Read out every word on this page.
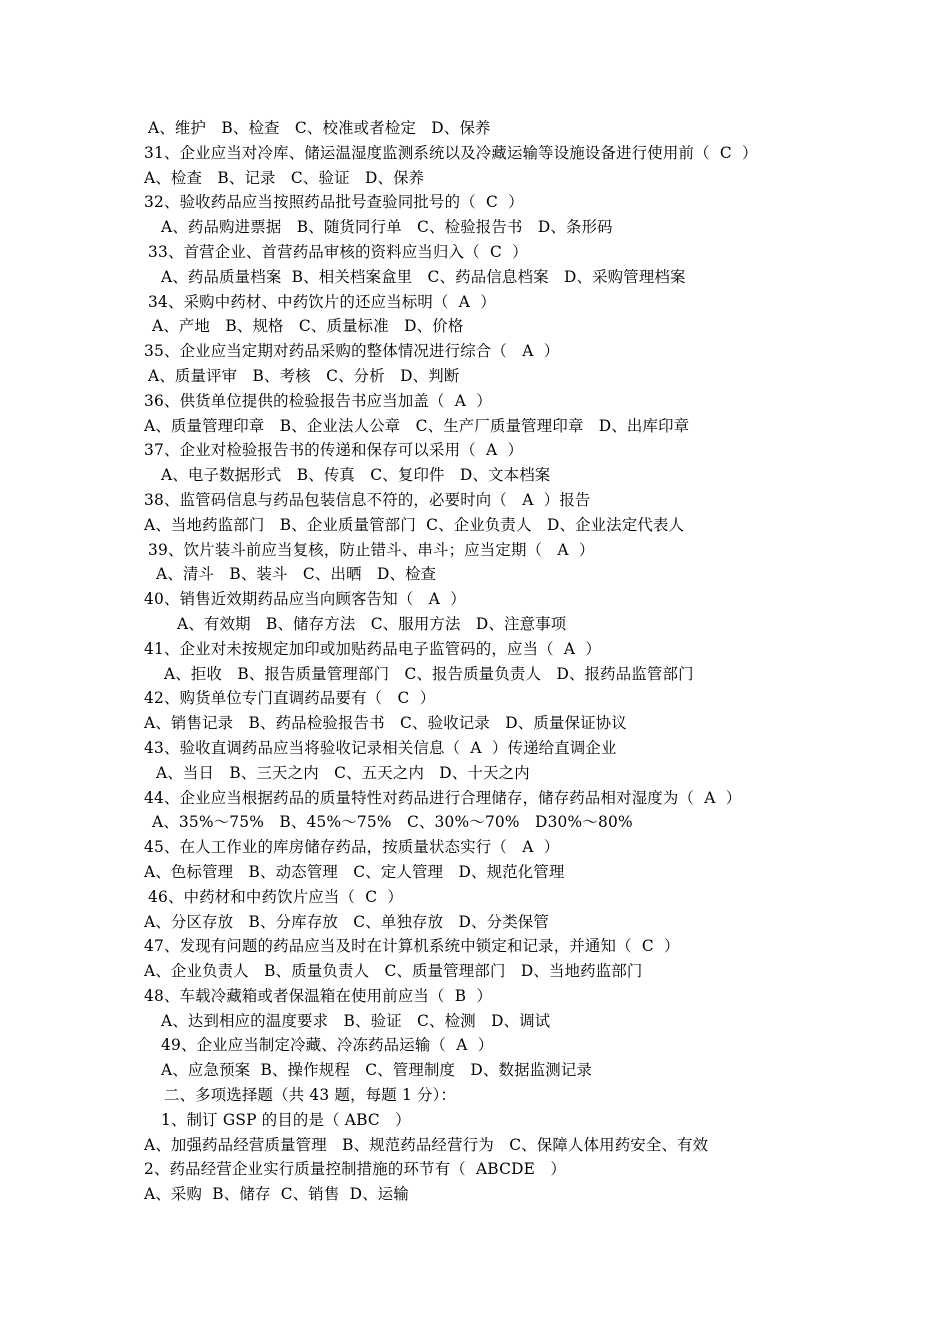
A、维护   B、检查   C、校准或者检定   D、保养
31、企业应当对冷库、储运温湿度监测系统以及冷藏运输等设施设备进行使用前（  C  ）
A、检查   B、记录   C、验证   D、保养
32、验收药品应当按照药品批号查验同批号的（  C  ）
A、药品购进票据   B、随货同行单   C、检验报告书   D、条形码
33、首营企业、首营药品审核的资料应当归入（  C  ）
A、药品质量档案  B、相关档案盒里   C、药品信息档案   D、采购管理档案
34、采购中药材、中药饮片的还应当标明（  A  ）
A、产地   B、规格   C、质量标准   D、价格
35、企业应当定期对药品采购的整体情况进行综合（   A  ）
A、质量评审   B、考核   C、分析   D、判断
36、供货单位提供的检验报告书应当加盖（  A  ）
A、质量管理印章   B、企业法人公章   C、生产厂质量管理印章   D、出库印章
37、企业对检验报告书的传递和保存可以采用（  A  ）
A、电子数据形式   B、传真   C、复印件   D、文本档案
38、监管码信息与药品包装信息不符的，必要时向（   A  ）报告
A、当地药监部门   B、企业质量管部门  C、企业负责人   D、企业法定代表人
39、饮片装斗前应当复核，防止错斗、串斗；应当定期（   A  ）
A、清斗   B、装斗   C、出晒   D、检查
40、销售近效期药品应当向顾客告知（   A  ）
A、有效期   B、储存方法   C、服用方法   D、注意事项
41、企业对未按规定加印或加贴药品电子监管码的，应当（  A  ）
A、拒收   B、报告质量管理部门   C、报告质量负责人   D、报药品监管部门
42、购货单位专门直调药品要有（   C  ）
A、销售记录   B、药品检验报告书   C、验收记录   D、质量保证协议
43、验收直调药品应当将验收记录相关信息（  A  ）传递给直调企业
A、当日   B、三天之内   C、五天之内   D、十天之内
44、企业应当根据药品的质量特性对药品进行合理储存，储存药品相对湿度为（  A  ）
A、35%～75%   B、45%～75%   C、30%～70%   D30%～80%
45、在人工作业的库房储存药品，按质量状态实行（   A  ）
A、色标管理   B、动态管理   C、定人管理   D、规范化管理
46、中药材和中药饮片应当（  C  ）
A、分区存放   B、分库存放   C、单独存放   D、分类保管
47、发现有问题的药品应当及时在计算机系统中锁定和记录，并通知（  C  ）
A、企业负责人   B、质量负责人   C、质量管理部门   D、当地药监部门
48、车载冷藏箱或者保温箱在使用前应当（  B  ）
A、达到相应的温度要求   B、验证   C、检测   D、调试
49、企业应当制定冷藏、冷冻药品运输（  A  ）
A、应急预案  B、操作规程   C、管理制度   D、数据监测记录
二、多项选择题（共 43 题，每题 1 分）：
1、制订 GSP 的目的是（ ABC   ）
A、加强药品经营质量管理   B、规范药品经营行为   C、保障人体用药安全、有效
2、药品经营企业实行质量控制措施的环节有（  ABCDE   ）
A、采购  B、储存  C、销售  D、运输
